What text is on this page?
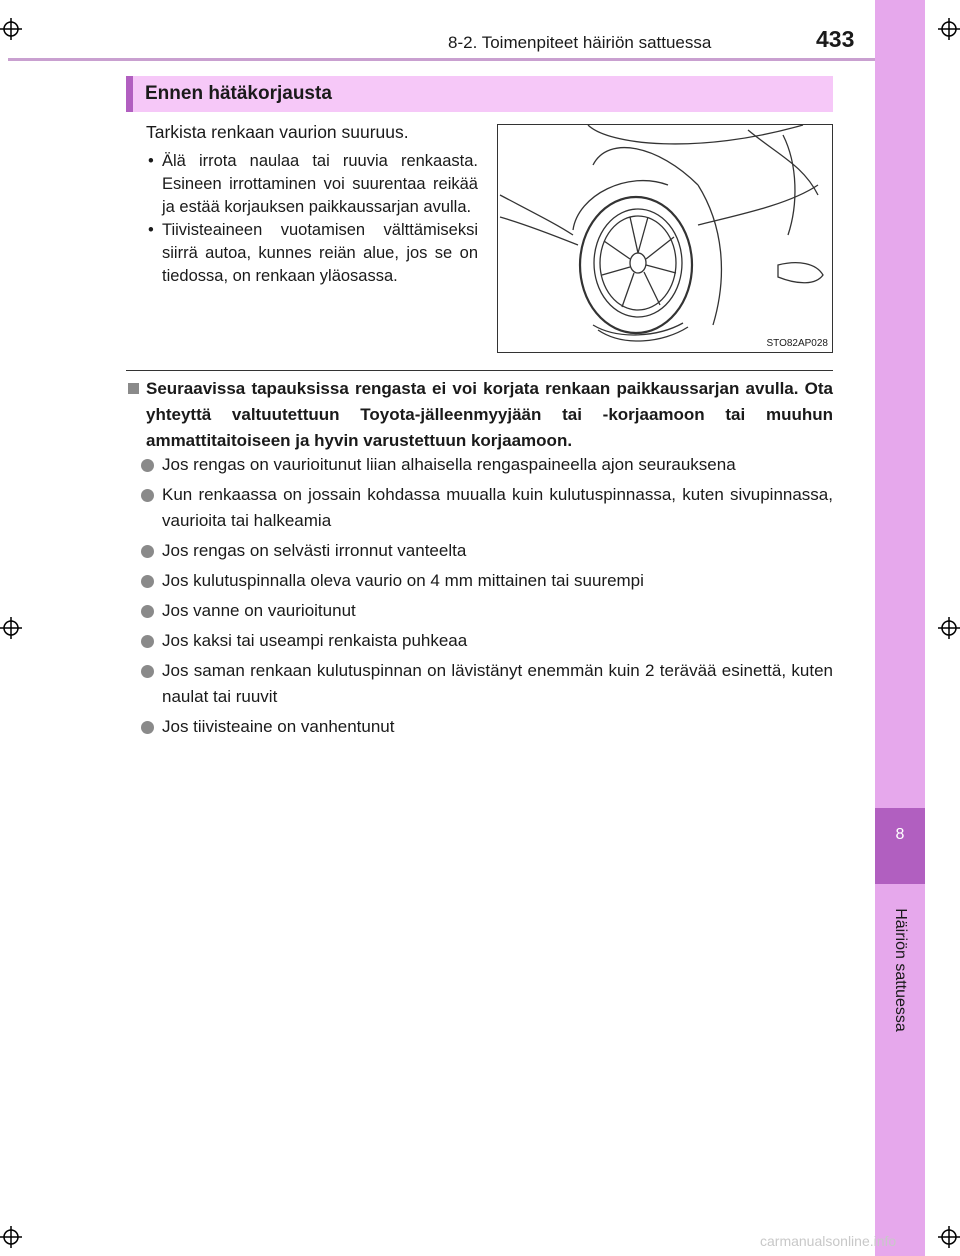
8
Häiriön sattuessa
8-2. Toimenpiteet häiriön sattuessa	433
Ennen hätäkorjausta
Tarkista renkaan vaurion suuruus.
• Älä irrota naulaa tai ruuvia renkaasta. Esineen irrottaminen voi suurentaa reikää ja estää korjauksen paikkaussarjan avulla.
• Tiivisteaineen vuotamisen välttämiseksi siirrä autoa, kunnes reiän alue, jos se on tiedossa, on renkaan yläosassa.
STO82AP028
Seuraavissa tapauksissa rengasta ei voi korjata renkaan paikkaussarjan avulla. Ota yhteyttä valtuutettuun Toyota-jälleenmyyjään tai -korjaamoon tai muuhun ammattitaitoiseen ja hyvin varustettuun korjaamoon.
Jos rengas on vaurioitunut liian alhaisella rengaspaineella ajon seurauksena
Kun renkaassa on jossain kohdassa muualla kuin kulutuspinnassa, kuten sivupinnassa, vaurioita tai halkeamia
Jos rengas on selvästi irronnut vanteelta
Jos kulutuspinnalla oleva vaurio on 4 mm mittainen tai suurempi
Jos vanne on vaurioitunut
Jos kaksi tai useampi renkaista puhkeaa
Jos saman renkaan kulutuspinnan on lävistänyt enemmän kuin 2 terävää esinettä, kuten naulat tai ruuvit
Jos tiivisteaine on vanhentunut
carmanualsonline.info
